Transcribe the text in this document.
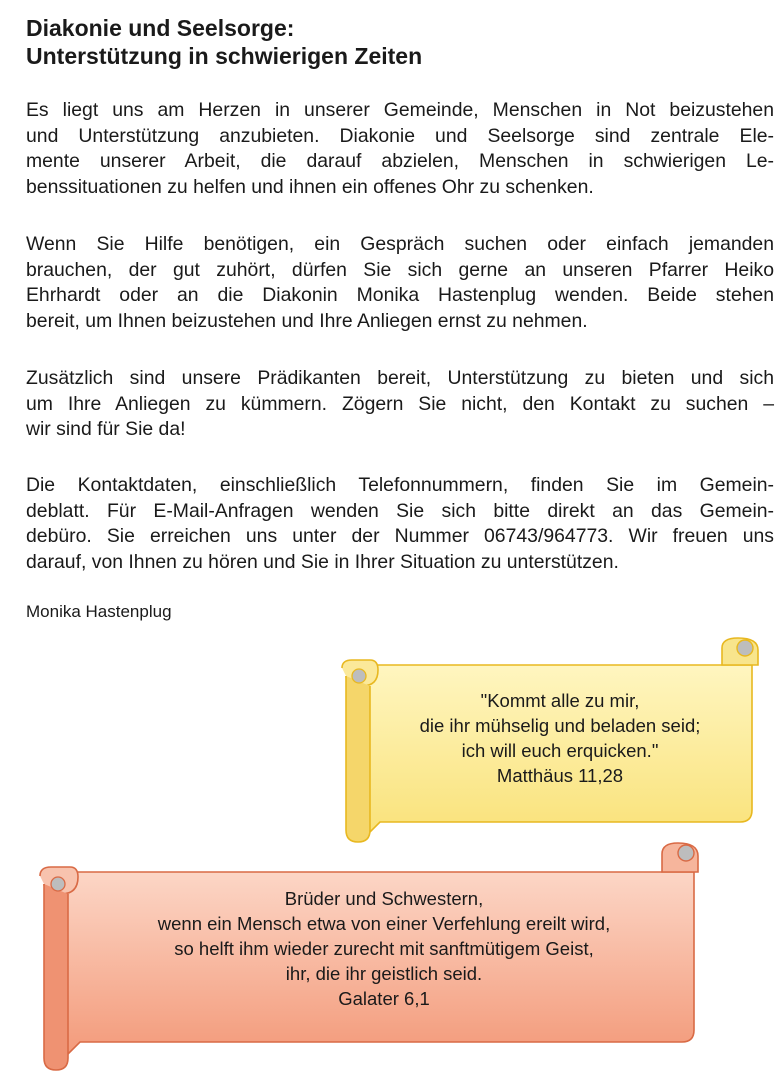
Diakonie und Seelsorge:
Unterstützung in schwierigen Zeiten
Es liegt uns am Herzen in unserer Gemeinde, Menschen in Not beizustehen
und Unterstützung anzubieten. Diakonie und Seelsorge sind zentrale Ele-
mente unserer Arbeit, die darauf abzielen, Menschen in schwierigen Le-
benssituationen zu helfen und ihnen ein offenes Ohr zu schenken.
Wenn Sie Hilfe benötigen, ein Gespräch suchen oder einfach jemanden
brauchen, der gut zuhört, dürfen Sie sich gerne an unseren Pfarrer Heiko
Ehrhardt oder an die Diakonin Monika Hastenplug wenden. Beide stehen
bereit, um Ihnen beizustehen und Ihre Anliegen ernst zu nehmen.
Zusätzlich sind unsere Prädikanten bereit, Unterstützung zu bieten und sich
um Ihre Anliegen zu kümmern. Zögern Sie nicht, den Kontakt zu suchen –
wir sind für Sie da!
Die Kontaktdaten, einschließlich Telefonnummern, finden Sie im Gemein-
deblatt. Für E-Mail-Anfragen wenden Sie sich bitte direkt an das Gemein-
debüro. Sie erreichen uns unter der Nummer 06743/964773. Wir freuen uns
darauf, von Ihnen zu hören und Sie in Ihrer Situation zu unterstützen.
Monika Hastenplug
"Kommt alle zu mir,
die ihr mühselig und beladen seid;
ich will euch erquicken."
Matthäus 11,28
Brüder und Schwestern,
wenn ein Mensch etwa von einer Verfehlung ereilt wird,
so helft ihm wieder zurecht mit sanftmütigem Geist,
ihr, die ihr geistlich seid.
Galater 6,1
